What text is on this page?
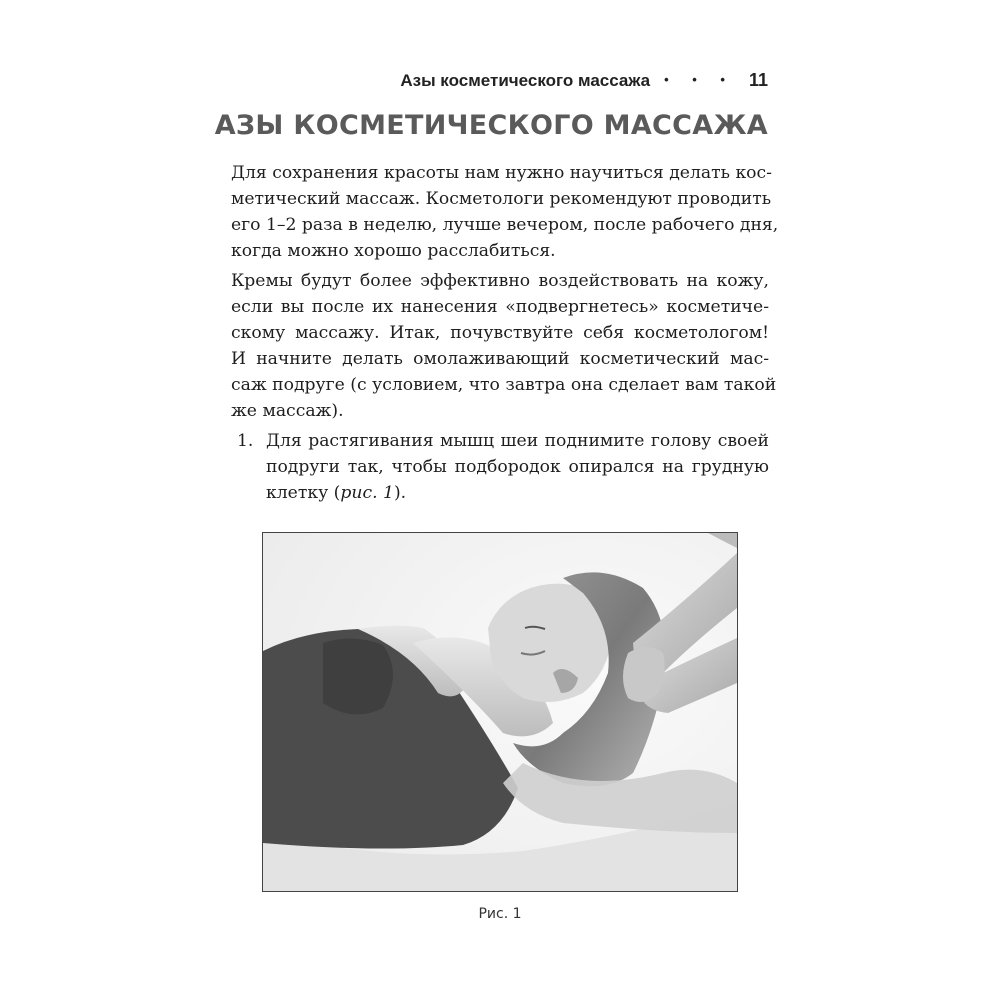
Азы косметического массажа • • • 11
АЗЫ КОСМЕТИЧЕСКОГО МАССАЖА
Для сохранения красоты нам нужно научиться делать кос-
метический массаж. Косметологи рекомендуют проводить
его 1–2 раза в неделю, лучше вечером, после рабочего дня,
когда можно хорошо расслабиться.
Кремы будут более эффективно воздействовать на кожу,
если вы после их нанесения «подвергнетесь» косметиче-
скому массажу. Итак, почувствуйте себя косметологом!
И начните делать омолаживающий косметический мас-
саж подруге (с условием, что завтра она сделает вам такой
же массаж).
1. Для растягивания мышц шеи поднимите голову своей
подруги так, чтобы подбородок опирался на грудную
клетку (рис. 1).
Рис. 1
